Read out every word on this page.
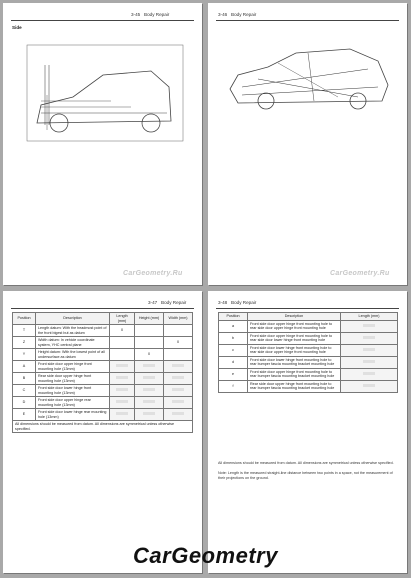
3-45 Body Repair
Side
CarGeometry.Ru
3-46 Body Repair
CarGeometry.Ru
3-47 Body Repair
Position	Description	Length (mm)	Height (mm)	Width (mm)
T	Length datum: With the headmost point of the front bigest but as datum	0		
Z	Width datum: In vehicle coordinate system, YHC central plane			0
Y	Height datum: With the lowest point of all undersurface as datum		0	
A	Front side door upper hinge front mounting hole (13mm)			
B	Rear side door upper hinge front mounting hole (13mm)			
C	Front side door lower hinge front mounting hole (13mm)			
D	Front side door upper hinge rear mounting hole (13mm)			
E	Front side door lower hinge rear mounting hole (13mm)			
All dimensions should be measured from datum. All dimensions are symmetrical unless otherwise specified.				
3-48 Body Repair
Position	Description	Length (mm)
a	Front side door upper hinge front mounting hole to rear side door upper hinge front mounting hole	
b	Front side door upper hinge front mounting hole to rear side door lower hinge front mounting hole	
c	Front side door lower hinge front mounting hole to rear side door upper hinge front mounting hole	
d	Front side door lower hinge front mounting hole to rear bumper fascia mounting bracket mounting hole	
e	Front side door upper hinge front mounting hole to rear bumper fascia mounting bracket mounting hole	
f	Rear side door upper hinge front mounting hole to rear bumper fascia mounting bracket mounting hole	
All dimensions should be measured from datum. All dimensions are symmetrical unless otherwise specified.
Note: Length is the measured straight-line distance between two points in a space, not the measurement of their projections on the ground.
CarGeometry
